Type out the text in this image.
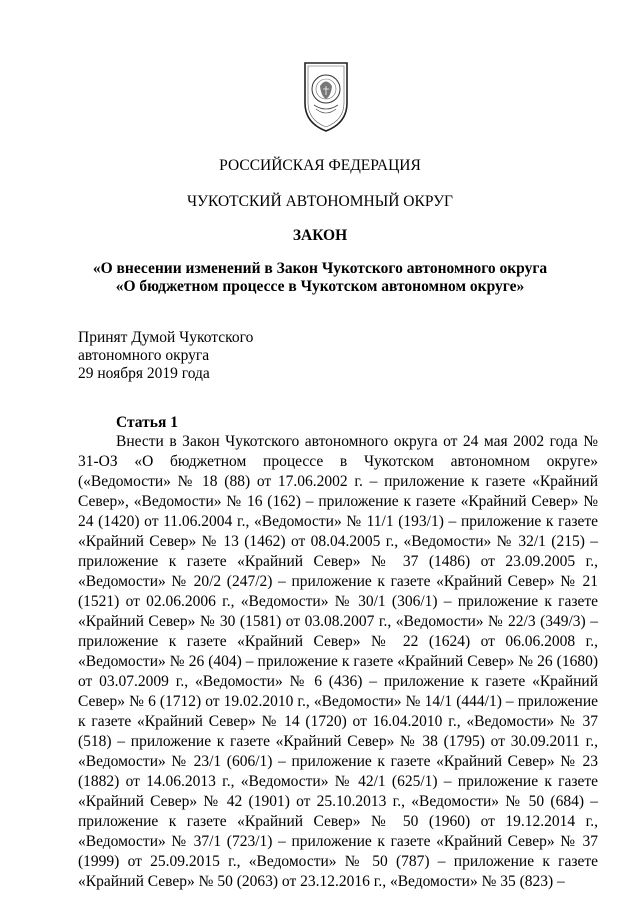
РОССИЙСКАЯ ФЕДЕРАЦИЯ
ЧУКОТСКИЙ АВТОНОМНЫЙ ОКРУГ
ЗАКОН
«О внесении изменений в Закон Чукотского автономного округа
«О бюджетном процессе в Чукотском автономном округе»
Принят Думой Чукотского
автономного округа
29 ноября 2019 года
Статья 1
Внести в Закон Чукотского автономного округа от 24 мая 2002 года № 31-ОЗ «О бюджетном процессе в Чукотском автономном округе» («Ведомости» № 18 (88) от 17.06.2002 г. – приложение к газете «Крайний Север», «Ведомости» № 16 (162) – приложение к газете «Крайний Север» № 24 (1420) от 11.06.2004 г., «Ведомости» № 11/1 (193/1) – приложение к газете «Крайний Север» № 13 (1462) от 08.04.2005 г., «Ведомости» № 32/1 (215) – приложение к газете «Крайний Север» № 37 (1486) от 23.09.2005 г., «Ведомости» № 20/2 (247/2) – приложение к газете «Крайний Север» № 21 (1521) от 02.06.2006 г., «Ведомости» № 30/1 (306/1) – приложение к газете «Крайний Север» № 30 (1581) от 03.08.2007 г., «Ведомости» № 22/3 (349/3) – приложение к газете «Крайний Север» № 22 (1624) от 06.06.2008 г., «Ведомости» № 26 (404) – приложение к газете «Крайний Север» № 26 (1680) от 03.07.2009 г., «Ведомости» № 6 (436) – приложение к газете «Крайний Север» № 6 (1712) от 19.02.2010 г., «Ведомости» № 14/1 (444/1) – приложение к газете «Крайний Север» № 14 (1720) от 16.04.2010 г., «Ведомости» № 37 (518) – приложение к газете «Крайний Север» № 38 (1795) от 30.09.2011 г., «Ведомости» № 23/1 (606/1) – приложение к газете «Крайний Север» № 23 (1882) от 14.06.2013 г., «Ведомости» № 42/1 (625/1) – приложение к газете «Крайний Север» № 42 (1901) от 25.10.2013 г., «Ведомости» № 50 (684) – приложение к газете «Крайний Север» № 50 (1960) от 19.12.2014 г., «Ведомости» № 37/1 (723/1) – приложение к газете «Крайний Север» № 37 (1999) от 25.09.2015 г., «Ведомости» № 50 (787) – приложение к газете «Крайний Север» № 50 (2063) от 23.12.2016 г., «Ведомости» № 35 (823) –
